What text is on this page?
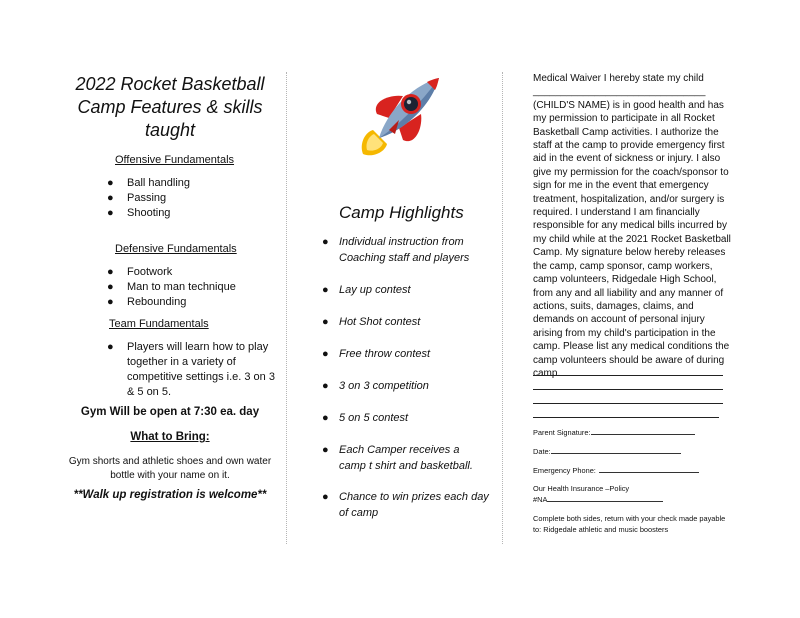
2022 Rocket Basketball
Camp Features & skills
taught
Offensive Fundamentals
● Ball handling
● Passing
● Shooting
Defensive Fundamentals
● Footwork
● Man to man technique
● Rebounding
Team Fundamentals
● Players will learn how to play together in a variety of competitive settings i.e. 3 on 3 & 5 on 5.
Gym Will be open at 7:30 ea. day
What to Bring:
Gym shorts and athletic shoes and own water bottle with your name on it.
**Walk up registration is welcome**
Camp Highlights
● Individual instruction from Coaching staff and players
● Lay up contest
● Hot Shot contest
● Free throw contest
● 3 on 3 competition
● 5 on 5 contest
● Each Camper receives a camp t shirt and basketball.
● Chance to win prizes each day of camp
Medical Waiver I hereby state my child _______________________________ (CHILD'S NAME) is in good health and has my permission to participate in all Rocket Basketball Camp activities. I authorize the staff at the camp to provide emergency first aid in the event of sickness or injury. I also give my permission for the coach/sponsor to sign for me in the event that emergency treatment, hospitalization, and/or surgery is required. I understand I am financially responsible for any medical bills incurred by my child while at the 2021 Rocket Basketball Camp. My signature below hereby releases the camp, camp sponsor, camp workers, camp volunteers, Ridgedale High School, from any and all liability and any manner of actions, suits, damages, claims, and demands on account of personal injury arising from my child's participation in the camp. Please list any medical conditions the camp volunteers should be aware of during camp.
Parent Signature:
Date:
Emergency Phone:
Our Health Insurance –Policy
#NA
Complete both sides, return with your check made payable to: Ridgedale athletic and music boosters
